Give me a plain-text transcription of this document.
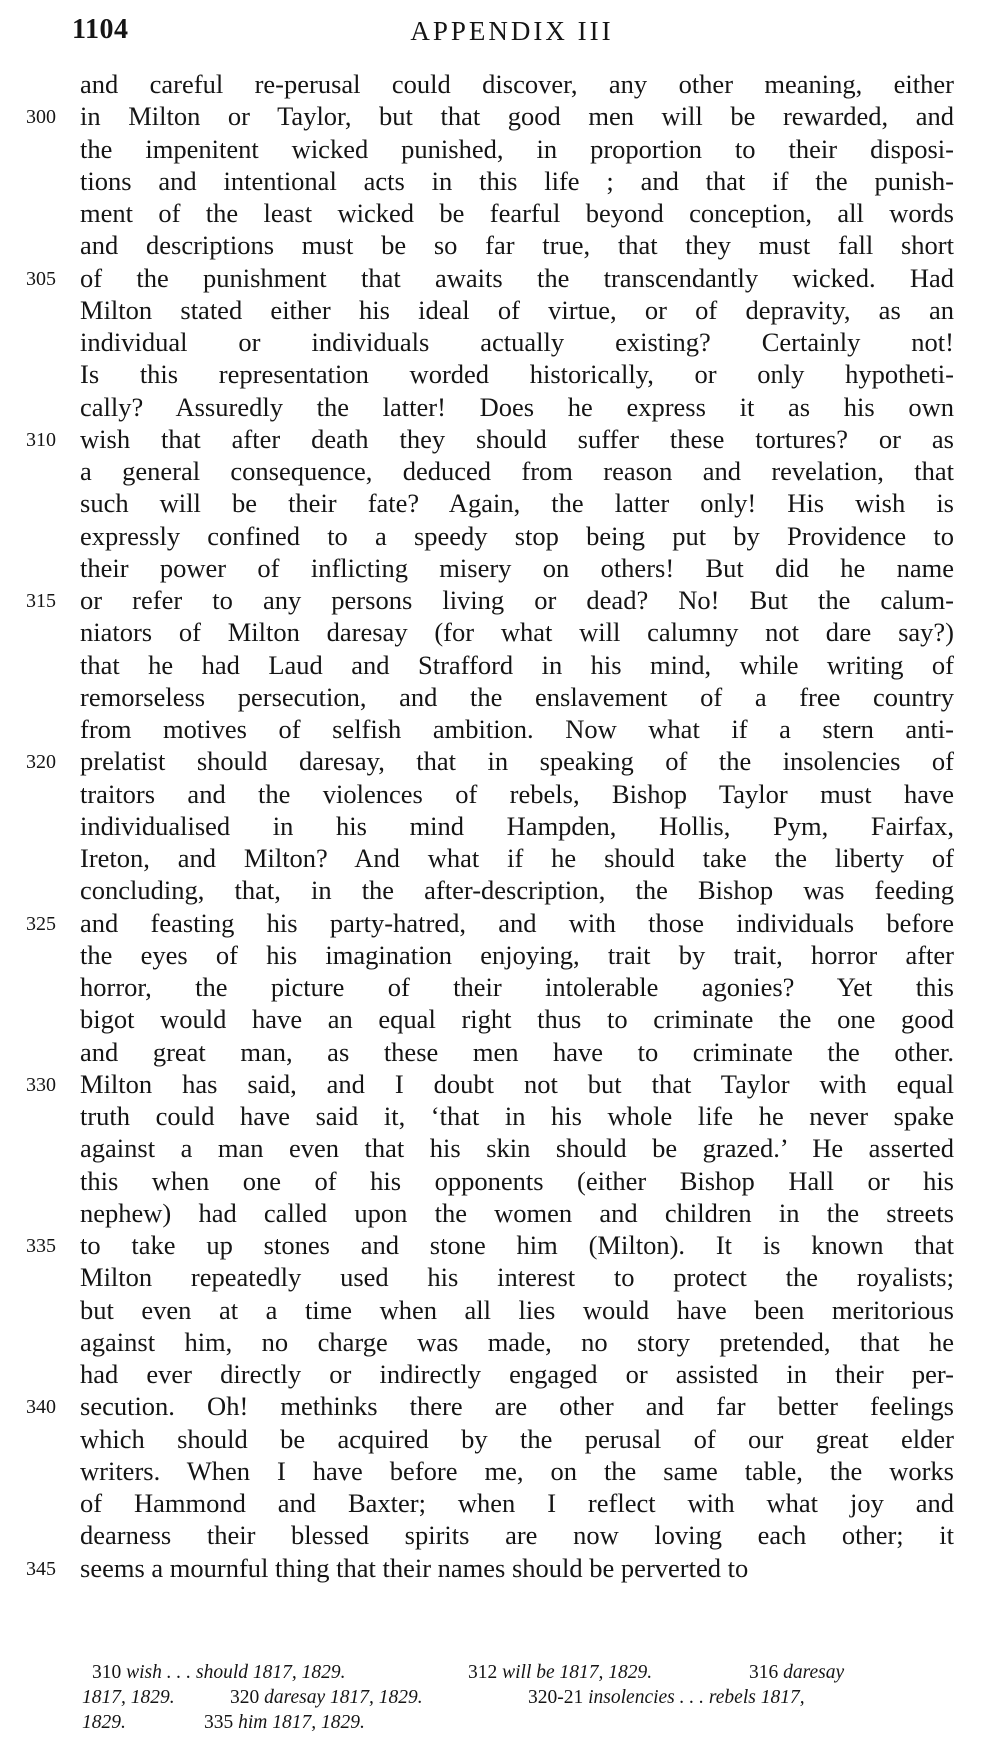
1104	APPENDIX III
and careful re-perusal could discover, any other meaning, either
300 in Milton or Taylor, but that good men will be rewarded, and
the impenitent wicked punished, in proportion to their disposi-
tions and intentional acts in this life ; and that if the punish-
ment of the least wicked be fearful beyond conception, all words
and descriptions must be so far true, that they must fall short
305 of the punishment that awaits the transcendantly wicked. Had
Milton stated either his ideal of virtue, or of depravity, as an
individual or individuals actually existing? Certainly not!
Is this representation worded historically, or only hypotheti-
cally? Assuredly the latter! Does he express it as his own
310 wish that after death they should suffer these tortures? or as
a general consequence, deduced from reason and revelation, that
such will be their fate? Again, the latter only! His wish is
expressly confined to a speedy stop being put by Providence to
their power of inflicting misery on others! But did he name
315 or refer to any persons living or dead? No! But the calum-
niators of Milton daresay (for what will calumny not dare say?)
that he had Laud and Strafford in his mind, while writing of
remorseless persecution, and the enslavement of a free country
from motives of selfish ambition. Now what if a stern anti-
320 prelatist should daresay, that in speaking of the insolencies of
traitors and the violences of rebels, Bishop Taylor must have
individualised in his mind Hampden, Hollis, Pym, Fairfax,
Ireton, and Milton? And what if he should take the liberty of
concluding, that, in the after-description, the Bishop was feeding
325 and feasting his party-hatred, and with those individuals before
the eyes of his imagination enjoying, trait by trait, horror after
horror, the picture of their intolerable agonies? Yet this
bigot would have an equal right thus to criminate the one good
and great man, as these men have to criminate the other.
330 Milton has said, and I doubt not but that Taylor with equal
truth could have said it, ‘that in his whole life he never spake
against a man even that his skin should be grazed.’ He asserted
this when one of his opponents (either Bishop Hall or his
nephew) had called upon the women and children in the streets
335 to take up stones and stone him (Milton). It is known that
Milton repeatedly used his interest to protect the royalists;
but even at a time when all lies would have been meritorious
against him, no charge was made, no story pretended, that he
had ever directly or indirectly engaged or assisted in their per-
340 secution. Oh! methinks there are other and far better feelings
which should be acquired by the perusal of our great elder
writers. When I have before me, on the same table, the works
of Hammond and Baxter; when I reflect with what joy and
dearness their blessed spirits are now loving each other; it
345 seems a mournful thing that their names should be perverted to
310 wish . . . should 1817, 1829.	312 will be 1817, 1829.	316 daresay
1817, 1829.	320 daresay 1817, 1829.	320-21 insolencies . . . rebels 1817,
1829.	335 him 1817, 1829.
